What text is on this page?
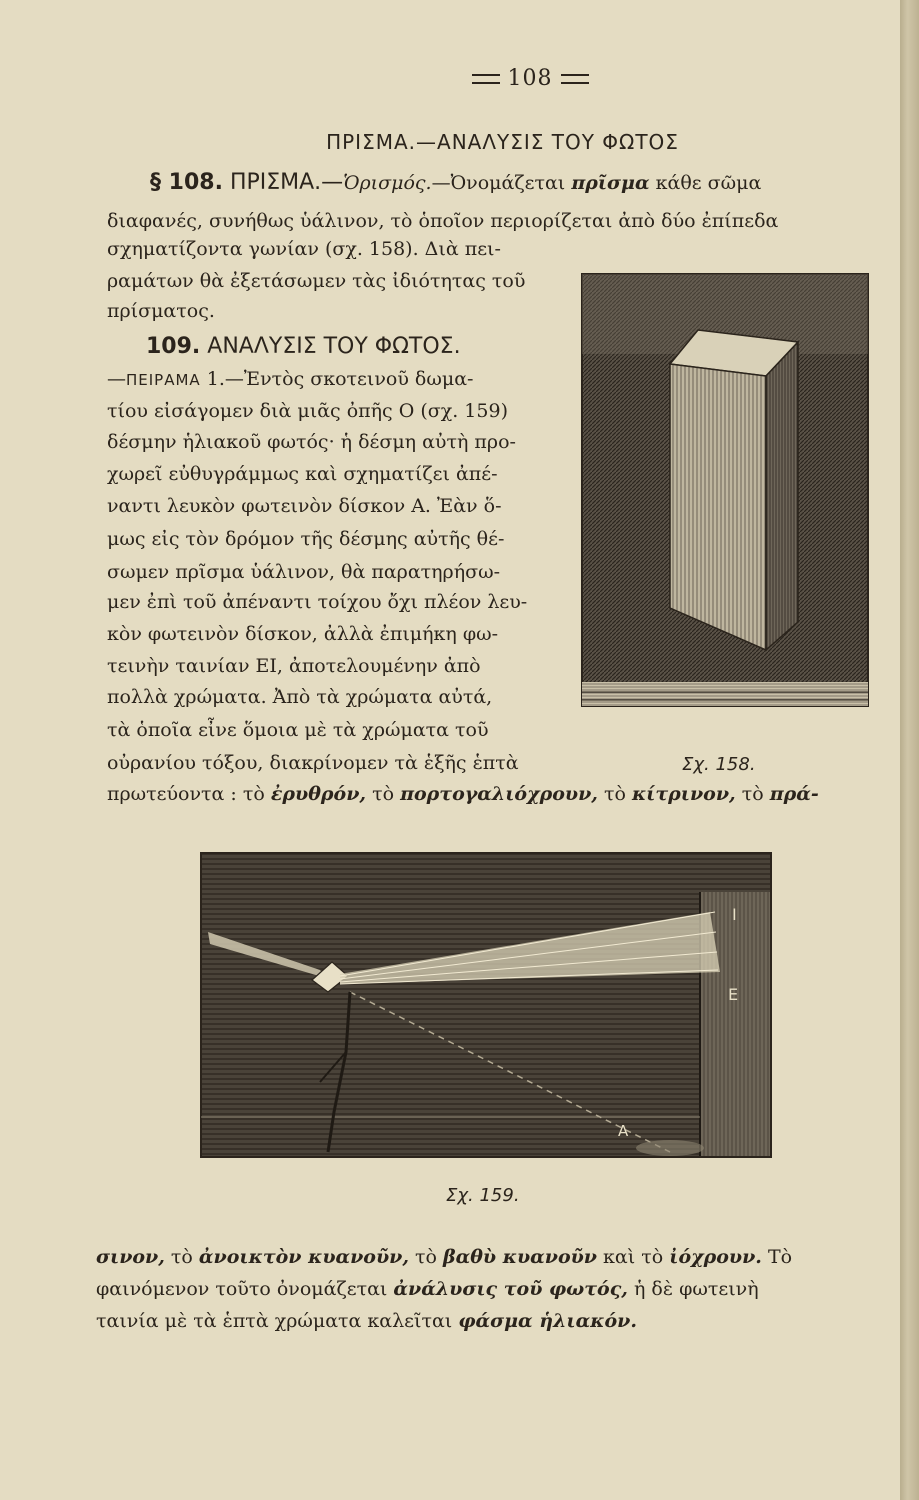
108
ΠΡΙΣΜΑ.—ΑΝΑΛΥΣΙΣ ΤΟΥ ΦΩΤΟΣ
§ 108. ΠΡΙΣΜΑ.—Ὁρισμός.—Ὀνομάζεται πρῖσμα κάθε σῶμα
διαφανές, συνήθως ὑάλινον, τὸ ὁποῖον περιορίζεται ἀπὸ δύο ἐπίπεδα
σχηματίζοντα γωνίαν (σχ. 158). Διὰ πει-
ραμάτων θὰ ἐξετάσωμεν τὰς ἰδιότητας τοῦ
πρίσματος.
109. ΑΝΑΛΥΣΙΣ ΤΟΥ ΦΩΤΟΣ.
—ΠΕΙΡΑΜΑ 1.—Ἐντὸς σκοτεινοῦ δωμα-
τίου εἰσάγομεν διὰ μιᾶς ὀπῆς Ο (σχ. 159)
δέσμην ἡλιακοῦ φωτός· ἡ δέσμη αὐτὴ προ-
χωρεῖ εὐθυγράμμως καὶ σχηματίζει ἀπέ-
ναντι λευκὸν φωτεινὸν δίσκον Α. Ἐὰν ὅ-
μως εἰς τὸν δρόμον τῆς δέσμης αὐτῆς θέ-
σωμεν πρῖσμα ὑάλινον, θὰ παρατηρήσω-
μεν ἐπὶ τοῦ ἀπέναντι τοίχου ὄχι πλέον λευ-
κὸν φωτεινὸν δίσκον, ἀλλὰ ἐπιμήκη φω-
τεινὴν ταινίαν ΕΙ, ἀποτελουμένην ἀπὸ
πολλὰ χρώματα. Ἀπὸ τὰ χρώματα αὐτά,
τὰ ὁποῖα εἶνε ὅμοια μὲ τὰ χρώματα τοῦ
οὐρανίου τόξου, διακρίνομεν τὰ ἑξῆς ἑπτὰ
πρωτεύοντα : τὸ ἐρυθρόν, τὸ πορτογαλιόχρουν, τὸ κίτρινον, τὸ πρά-
Σχ. 158.
I
E
A
Σχ. 159.
σινον, τὸ ἀνοικτὸν κυανοῦν, τὸ βαθὺ κυανοῦν καὶ τὸ ἰόχρουν. Τὸ
φαινόμενον τοῦτο ὀνομάζεται ἀνάλυσις τοῦ φωτός, ἡ δὲ φωτεινὴ
ταινία μὲ τὰ ἑπτὰ χρώματα καλεῖται φάσμα ἡλιακόν.
